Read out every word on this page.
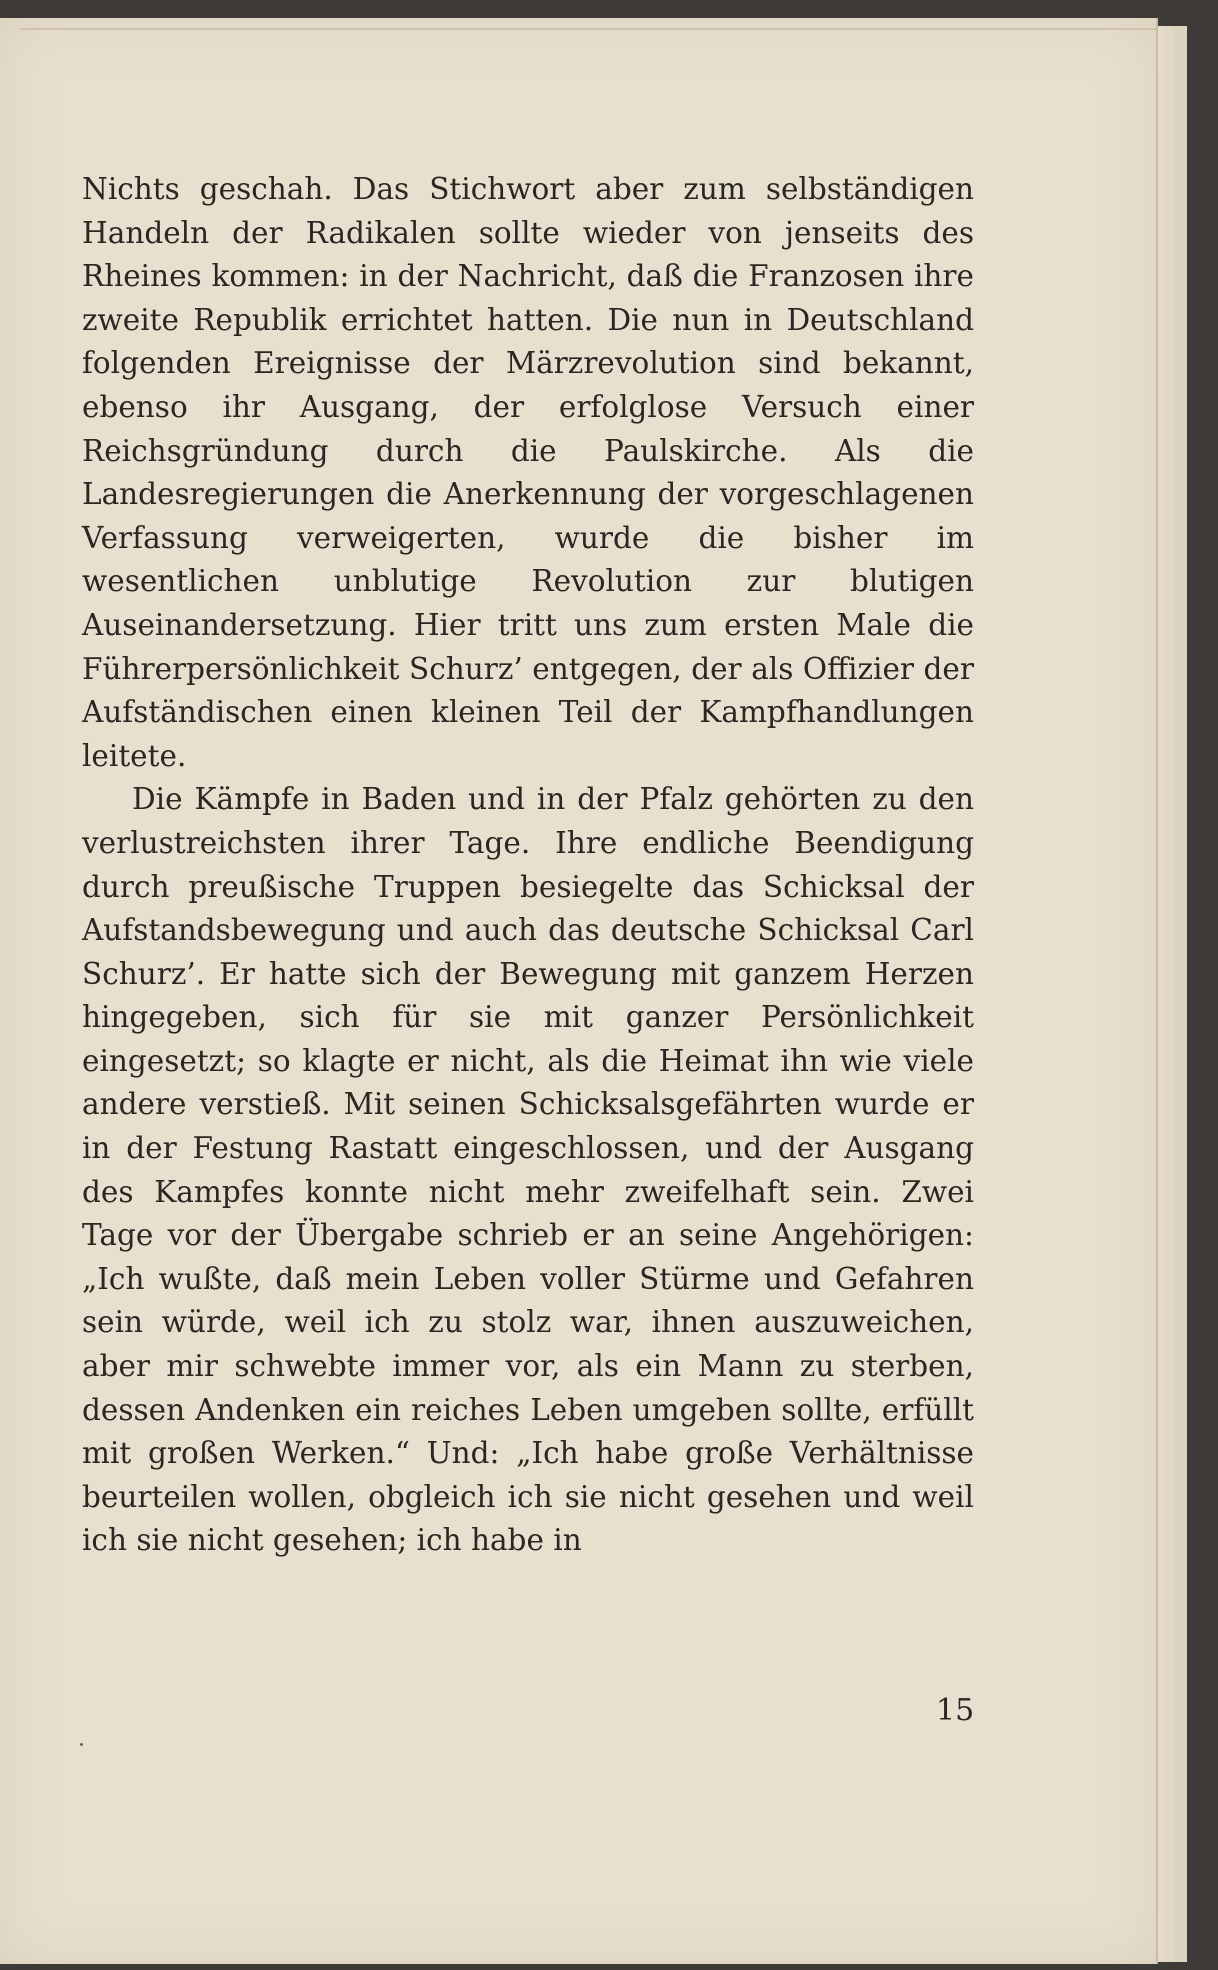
Nichts geschah. Das Stichwort aber zum selbständigen Handeln der Radikalen sollte wieder von jenseits des Rheines kommen: in der Nachricht, daß die Franzosen ihre zweite Republik errichtet hatten. Die nun in Deutschland folgenden Ereignisse der Märzrevolution sind bekannt, ebenso ihr Ausgang, der erfolglose Versuch einer Reichsgründung durch die Paulskirche. Als die Landesregierungen die Anerkennung der vorgeschlagenen Verfassung verweigerten, wurde die bisher im wesentlichen unblutige Revolution zur blutigen Auseinandersetzung. Hier tritt uns zum ersten Male die Führerpersönlichkeit Schurz’ entgegen, der als Offizier der Aufständischen einen kleinen Teil der Kampfhandlungen leitete.

Die Kämpfe in Baden und in der Pfalz gehörten zu den verlustreichsten ihrer Tage. Ihre endliche Beendigung durch preußische Truppen besiegelte das Schicksal der Aufstandsbewegung und auch das deutsche Schicksal Carl Schurz’. Er hatte sich der Bewegung mit ganzem Herzen hingegeben, sich für sie mit ganzer Persönlichkeit eingesetzt; so klagte er nicht, als die Heimat ihn wie viele andere verstieß. Mit seinen Schicksalsgefährten wurde er in der Festung Rastatt eingeschlossen, und der Ausgang des Kampfes konnte nicht mehr zweifelhaft sein. Zwei Tage vor der Übergabe schrieb er an seine Angehörigen: „Ich wußte, daß mein Leben voller Stürme und Gefahren sein würde, weil ich zu stolz war, ihnen auszuweichen, aber mir schwebte immer vor, als ein Mann zu sterben, dessen Andenken ein reiches Leben umgeben sollte, erfüllt mit großen Werken.“ Und: „Ich habe große Verhältnisse beurteilen wollen, obgleich ich sie nicht gesehen und weil ich sie nicht gesehen; ich habe in

15
